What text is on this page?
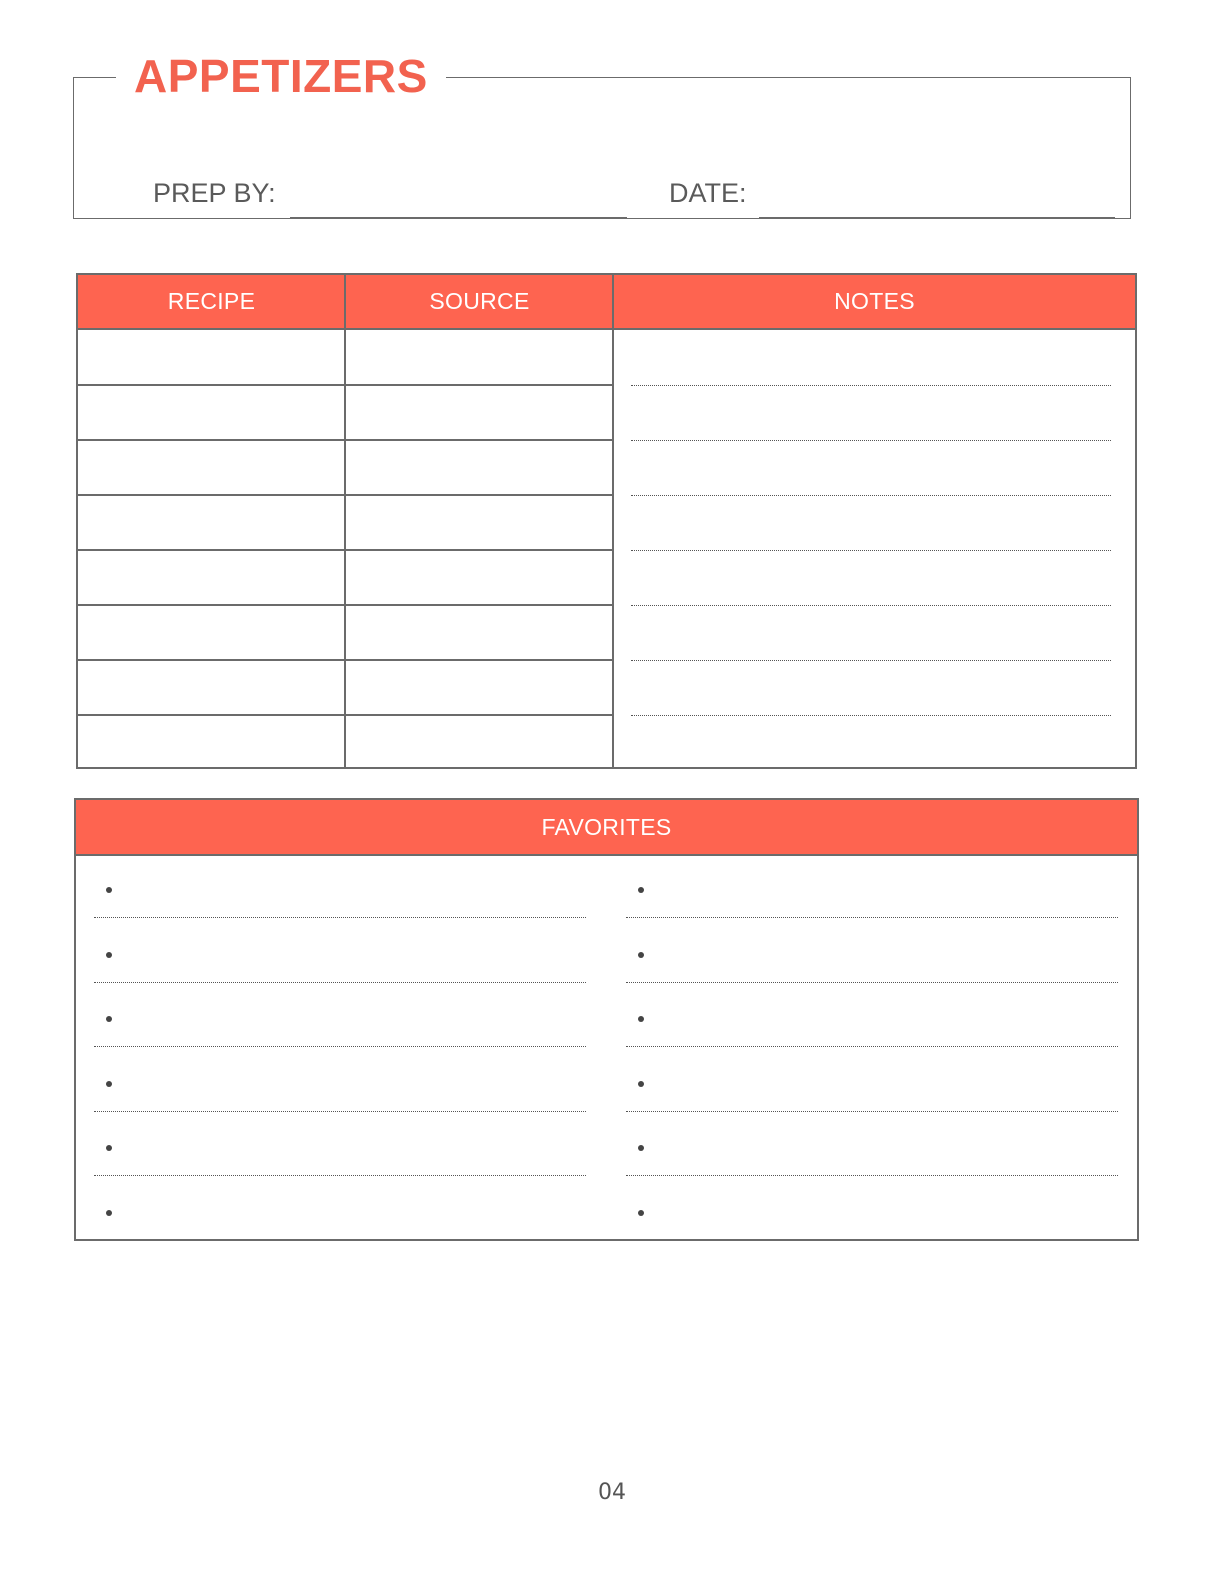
APPETIZERS
PREP BY:	DATE:
RECIPE	SOURCE	NOTES
FAVORITES
04
